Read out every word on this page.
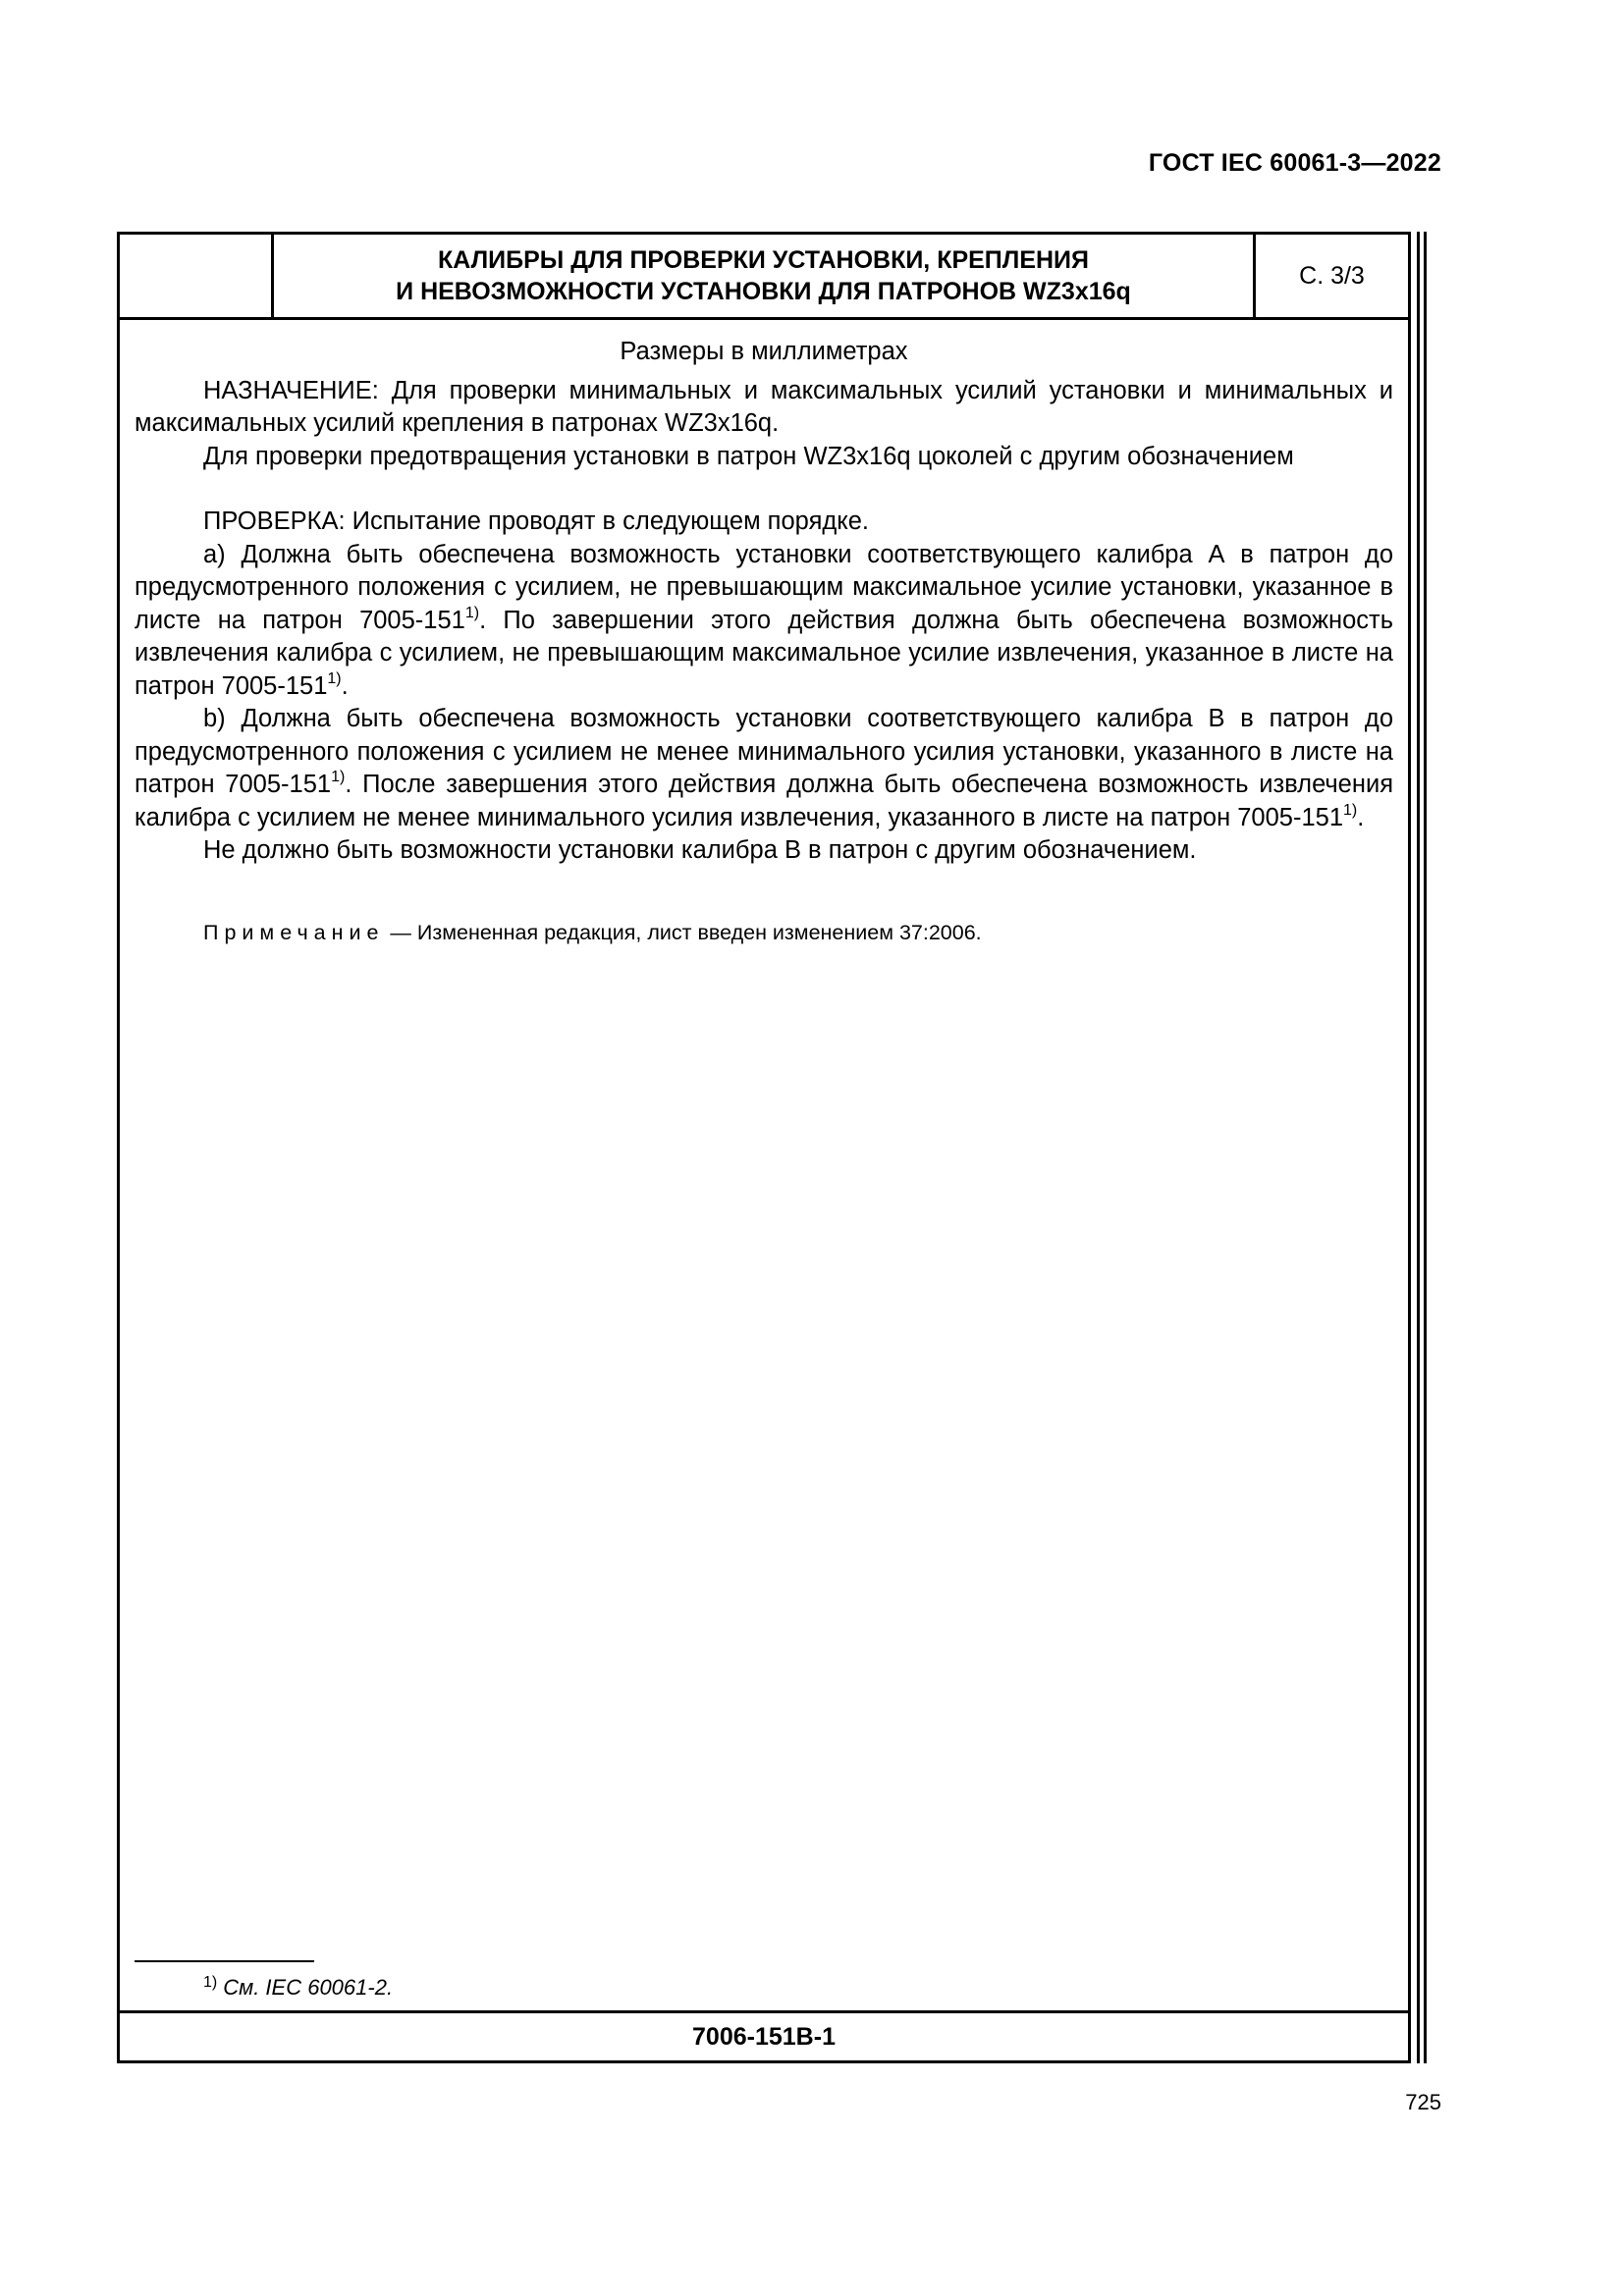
ГОСТ IEC 60061-3—2022
КАЛИБРЫ ДЛЯ ПРОВЕРКИ УСТАНОВКИ, КРЕПЛЕНИЯ
И НЕВОЗМОЖНОСТИ УСТАНОВКИ ДЛЯ ПАТРОНОВ WZ3x16q
С. 3/3
Размеры в миллиметрах

НАЗНАЧЕНИЕ: Для проверки минимальных и максимальных усилий установки и минимальных и максимальных усилий крепления в патронах WZ3x16q.

Для проверки предотвращения установки в патрон WZ3x16q цоколей с другим обозначением

ПРОВЕРКА: Испытание проводят в следующем порядке.

а) Должна быть обеспечена возможность установки соответствующего калибра А в патрон до предусмотренного положения с усилием, не превышающим максимальное усилие установки, указанное в листе на патрон 7005-151$^{1)}$. По завершении этого действия должна быть обеспечена возможность извлечения калибра с усилием, не превышающим максимальное усилие извлечения, указанное в листе на патрон 7005-151$^{1)}$.

b) Должна быть обеспечена возможность установки соответствующего калибра В в патрон до предусмотренного положения с усилием не менее минимального усилия установки, указанного в листе на патрон 7005-151$^{1)}$. После завершения этого действия должна быть обеспечена возможность извлечения калибра с усилием не менее минимального усилия извлечения, указанного в листе на патрон 7005-151$^{1)}$.

Не должно быть возможности установки калибра В в патрон с другим обозначением.

Примечание — Измененная редакция, лист введен изменением 37:2006.
$^{1)}$ См. IEC 60061-2.
7006-151В-1
725
